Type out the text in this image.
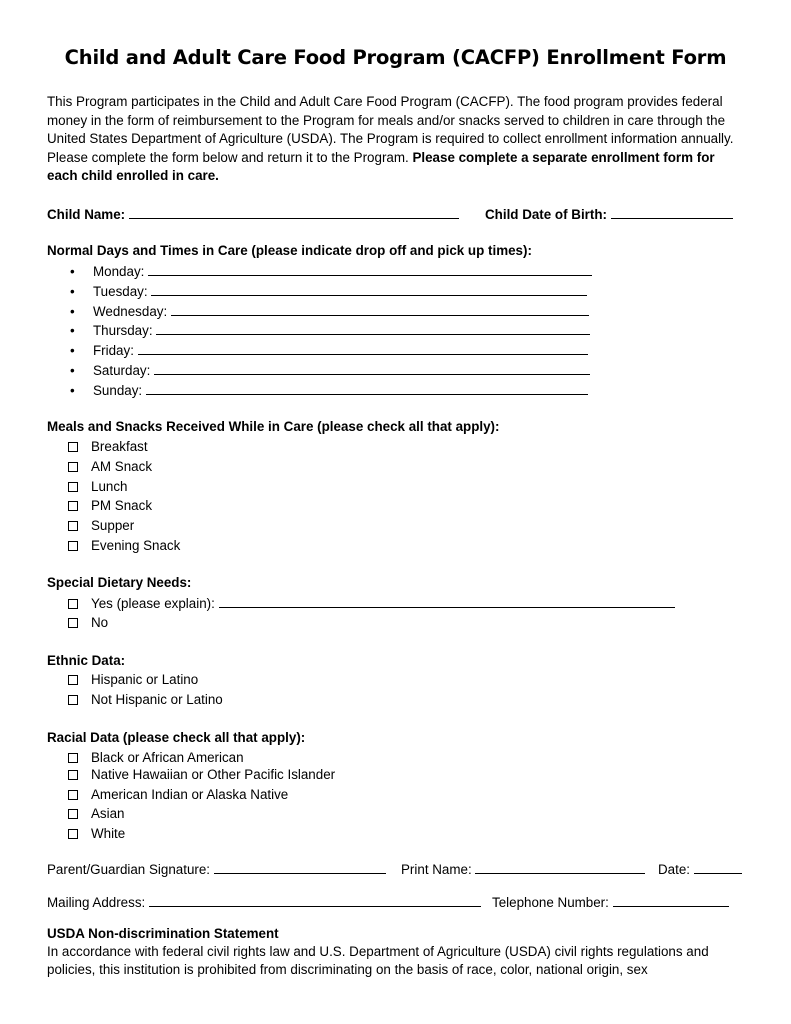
Child and Adult Care Food Program (CACFP) Enrollment Form
This Program participates in the Child and Adult Care Food Program (CACFP). The food program provides federal money in the form of reimbursement to the Program for meals and/or snacks served to children in care through the United States Department of Agriculture (USDA). The Program is required to collect enrollment information annually. Please complete the form below and return it to the Program. Please complete a separate enrollment form for each child enrolled in care.
Child Name:	Child Date of Birth:
Normal Days and Times in Care (please indicate drop off and pick up times):
• Monday:
• Tuesday:
• Wednesday:
• Thursday:
• Friday:
• Saturday:
• Sunday:
Meals and Snacks Received While in Care (please check all that apply):
Breakfast
AM Snack
Lunch
PM Snack
Supper
Evening Snack
Special Dietary Needs:
Yes (please explain):
No
Ethnic Data:
Hispanic or Latino
Not Hispanic or Latino
Racial Data (please check all that apply):
Black or African American
Native Hawaiian or Other Pacific Islander
American Indian or Alaska Native
Asian
White
Parent/Guardian Signature:	Print Name:	Date:
Mailing Address:	Telephone Number:
USDA Non-discrimination Statement
In accordance with federal civil rights law and U.S. Department of Agriculture (USDA) civil rights regulations and policies, this institution is prohibited from discriminating on the basis of race, color, national origin, sex
